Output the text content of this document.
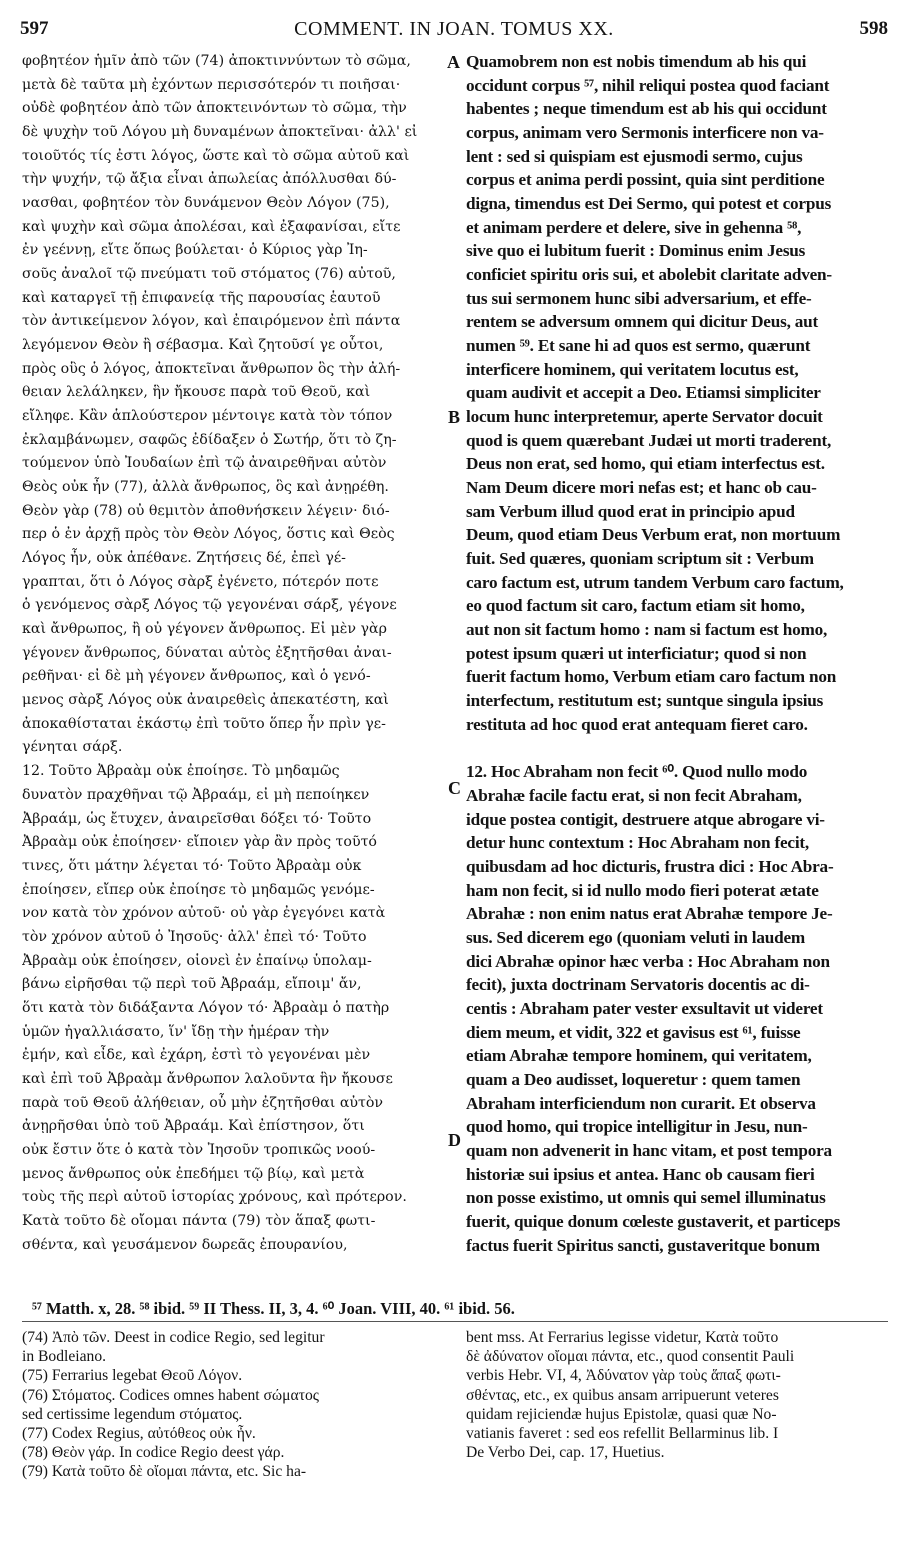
597	COMMENT. IN JOAN. TOMUS XX.	598
φοβητέον ἡμῖν ἀπὸ τῶν (74) ἀποκτιννύντων τὸ σῶμα,
μετὰ δὲ ταῦτα μὴ ἐχόντων περισσότερόν τι ποιῆσαι·
οὐδὲ φοβητέον ἀπὸ τῶν ἀποκτεινόντων τὸ σῶμα, τὴν
δὲ ψυχὴν τοῦ Λόγου μὴ δυναμένων ἀποκτεῖναι· ἀλλ' εἰ
τοιοῦτός τίς ἐστι λόγος, ὥστε καὶ τὸ σῶμα αὐτοῦ καὶ
τὴν ψυχήν, τῷ ἄξια εἶναι ἀπωλείας ἀπόλλυσθαι δύ-
νασθαι, φοβητέον τὸν δυνάμενον Θεὸν Λόγον (75),
καὶ ψυχὴν καὶ σῶμα ἀπολέσαι, καὶ ἐξαφανίσαι, εἴτε
ἐν γεέννῃ, εἴτε ὅπως βούλεται· ὁ Κύριος γὰρ Ἰη-
σοῦς ἀναλοῖ τῷ πνεύματι τοῦ στόματος (76) αὐτοῦ,
καὶ καταργεῖ τῇ ἐπιφανείᾳ τῆς παρουσίας ἑαυτοῦ
τὸν ἀντικείμενον λόγον, καὶ ἐπαιρόμενον ἐπὶ πάντα
λεγόμενον Θεὸν ἢ σέβασμα. Καὶ ζητοῦσί γε οὗτοι,
πρὸς οὓς ὁ λόγος, ἀποκτεῖναι ἄνθρωπον ὃς τὴν ἀλή-
θειαν λελάληκεν, ἣν ἤκουσε παρὰ τοῦ Θεοῦ, καὶ
εἴληφε. Κἂν ἁπλούστερον μέντοιγε κατὰ τὸν τόπον
ἐκλαμβάνωμεν, σαφῶς ἐδίδαξεν ὁ Σωτήρ, ὅτι τὸ ζη-
τούμενον ὑπὸ Ἰουδαίων ἐπὶ τῷ ἀναιρεθῆναι αὐτὸν
Θεὸς οὐκ ἦν (77), ἀλλὰ ἄνθρωπος, ὃς καὶ ἀνῃρέθη.
Θεὸν γὰρ (78) οὐ θεμιτὸν ἀποθνήσκειν λέγειν· διό-
περ ὁ ἐν ἀρχῇ πρὸς τὸν Θεὸν Λόγος, ὅστις καὶ Θεὸς
Λόγος ἦν, οὐκ ἀπέθανε. Ζητήσεις δέ, ἐπεὶ γέ-
γραπται, ὅτι ὁ Λόγος σὰρξ ἐγένετο, πότερόν ποτε
ὁ γενόμενος σὰρξ Λόγος τῷ γεγονέναι σάρξ, γέγονε
καὶ ἄνθρωπος, ἢ οὐ γέγονεν ἄνθρωπος. Εἰ μὲν γὰρ
γέγονεν ἄνθρωπος, δύναται αὐτὸς ἐξητῆσθαι ἀναι-
ρεθῆναι· εἰ δὲ μὴ γέγονεν ἄνθρωπος, καὶ ὁ γενό-
μενος σὰρξ Λόγος οὐκ ἀναιρεθεὶς ἀπεκατέστη, καὶ
ἀποκαθίσταται ἑκάστῳ ἐπὶ τοῦτο ὅπερ ἦν πρὶν γε-
γένηται σάρξ.
12. Τοῦτο Ἀβραὰμ οὐκ ἐποίησε. Τὸ μηδαμῶς
δυνατὸν πραχθῆναι τῷ Ἀβραάμ, εἰ μὴ πεποίηκεν
Ἀβραάμ, ὡς ἔτυχεν, ἀναιρεῖσθαι δόξει τό· Τοῦτο
Ἀβραὰμ οὐκ ἐποίησεν· εἴποιεν γὰρ ἂν πρὸς τοῦτό
τινες, ὅτι μάτην λέγεται τό· Τοῦτο Ἀβραὰμ οὐκ
ἐποίησεν, εἴπερ οὐκ ἐποίησε τὸ μηδαμῶς γενόμε-
νον κατὰ τὸν χρόνον αὐτοῦ· οὐ γὰρ ἐγεγόνει κατὰ
τὸν χρόνον αὐτοῦ ὁ Ἰησοῦς· ἀλλ' ἐπεὶ τό· Τοῦτο
Ἀβραὰμ οὐκ ἐποίησεν, οἱονεὶ ἐν ἐπαίνῳ ὑπολαμ-
βάνω εἰρῆσθαι τῷ περὶ τοῦ Ἀβραάμ, εἴποιμ' ἄν,
ὅτι κατὰ τὸν διδάξαντα Λόγον τό· Ἀβραὰμ ὁ πατὴρ
ὑμῶν ἠγαλλιάσατο, ἵν' ἴδῃ τὴν ἡμέραν τὴν
ἐμήν, καὶ εἶδε, καὶ ἐχάρη, ἐστὶ τὸ γεγονέναι μὲν
καὶ ἐπὶ τοῦ Ἀβραὰμ ἄνθρωπον λαλοῦντα ἣν ἤκουσε
παρὰ τοῦ Θεοῦ ἀλήθειαν, οὗ μὴν ἐζητῆσθαι αὐτὸν
ἀνῃρῆσθαι ὑπὸ τοῦ Ἀβραάμ. Καὶ ἐπίστησον, ὅτι
οὐκ ἔστιν ὅτε ὁ κατὰ τὸν Ἰησοῦν τροπικῶς νοού-
μενος ἄνθρωπος οὐκ ἐπεδήμει τῷ βίῳ, καὶ μετὰ
τοὺς τῆς περὶ αὐτοῦ ἱστορίας χρόνους, καὶ πρότερον.
Κατὰ τοῦτο δὲ οἴομαι πάντα (79) τὸν ἅπαξ φωτι-
σθέντα, καὶ γευσάμενον δωρεᾶς ἐπουρανίου,
Quamobrem non est nobis timendum ab his qui
occidunt corpus ⁵⁷, nihil reliqui postea quod faciant
habentes ; neque timendum est ab his qui occidunt
corpus, animam vero Sermonis interficere non va-
lent : sed si quispiam est ejusmodi sermo, cujus
corpus et anima perdi possint, quia sint perditione
digna, timendus est Dei Sermo, qui potest et corpus
et animam perdere et delere, sive in gehenna ⁵⁸,
sive quo ei lubitum fuerit : Dominus enim Jesus
conficiet spiritu oris sui, et abolebit claritate adven-
tus sui sermonem hunc sibi adversarium, et effe-
rentem se adversum omnem qui dicitur Deus, aut
numen ⁵⁹. Et sane hi ad quos est sermo, quærunt
interficere hominem, qui veritatem locutus est,
quam audivit et accepit a Deo. Etiamsi simpliciter
locum hunc interpretemur, aperte Servator docuit
quod is quem quærebant Judæi ut morti traderent,
Deus non erat, sed homo, qui etiam interfectus est.
Nam Deum dicere mori nefas est; et hanc ob cau-
sam Verbum illud quod erat in principio apud
Deum, quod etiam Deus Verbum erat, non mortuum
fuit. Sed quæres, quoniam scriptum sit : Verbum
caro factum est, utrum tandem Verbum caro factum,
eo quod factum sit caro, factum etiam sit homo,
aut non sit factum homo : nam si factum est homo,
potest ipsum quæri ut interficiatur; quod si non
fuerit factum homo, Verbum etiam caro factum non
interfectum, restitutum est; suntque singula ipsius
restituta ad hoc quod erat antequam fieret caro.
12. Hoc Abraham non fecit ⁶⁰. Quod nullo modo
Abrahæ facile factu erat, si non fecit Abraham,
idque postea contigit, destruere atque abrogare vi-
detur hunc contextum : Hoc Abraham non fecit,
quibusdam ad hoc dicturis, frustra dici : Hoc Abra-
ham non fecit, si id nullo modo fieri poterat ætate
Abrahæ : non enim natus erat Abrahæ tempore Je-
sus. Sed dicerem ego (quoniam veluti in laudem
dici Abrahæ opinor hæc verba : Hoc Abraham non
fecit), juxta doctrinam Servatoris docentis ac di-
centis : Abraham pater vester exsultavit ut videret
diem meum, et vidit, 322 et gavisus est ⁶¹, fuisse
etiam Abrahæ tempore hominem, qui veritatem,
quam a Deo audisset, loqueretur : quem tamen
Abraham interficiendum non curarit. Et observa
quod homo, qui tropice intelligitur in Jesu, nun-
quam non advenerit in hanc vitam, et post tempora
historiæ sui ipsius et antea. Hanc ob causam fieri
non posse existimo, ut omnis qui semel illuminatus
fuerit, quique donum cœleste gustaverit, et particeps
factus fuerit Spiritus sancti, gustaveritque bonum
A
B
C
D
⁵⁷ Matth. x, 28. ⁵⁸ ibid. ⁵⁹ II Thess. II, 3, 4. ⁶⁰ Joan. VIII, 40. ⁶¹ ibid. 56.
(74) Ἀπὸ τῶν. Deest in codice Regio, sed legitur
in Bodleiano.
(75) Ferrarius legebat Θεοῦ Λόγον.
(76) Στόματος. Codices omnes habent σώματος
sed certissime legendum στόματος.
(77) Codex Regius, αὐτόθεος οὐκ ἦν.
(78) Θεὸν γάρ. In codice Regio deest γάρ.
(79) Κατὰ τοῦτο δὲ οἴομαι πάντα, etc. Sic ha-
bent mss. At Ferrarius legisse videtur, Κατὰ τοῦτο
δὲ ἀδύνατον οἴομαι πάντα, etc., quod consentit Pauli
verbis Hebr. VI, 4, Ἀδύνατον γὰρ τοὺς ἅπαξ φωτι-
σθέντας, etc., ex quibus ansam arripuerunt veteres
quidam rejiciendæ hujus Epistolæ, quasi quæ No-
vatianis faveret : sed eos refellit Bellarminus lib. I
De Verbo Dei, cap. 17, Huetius.
